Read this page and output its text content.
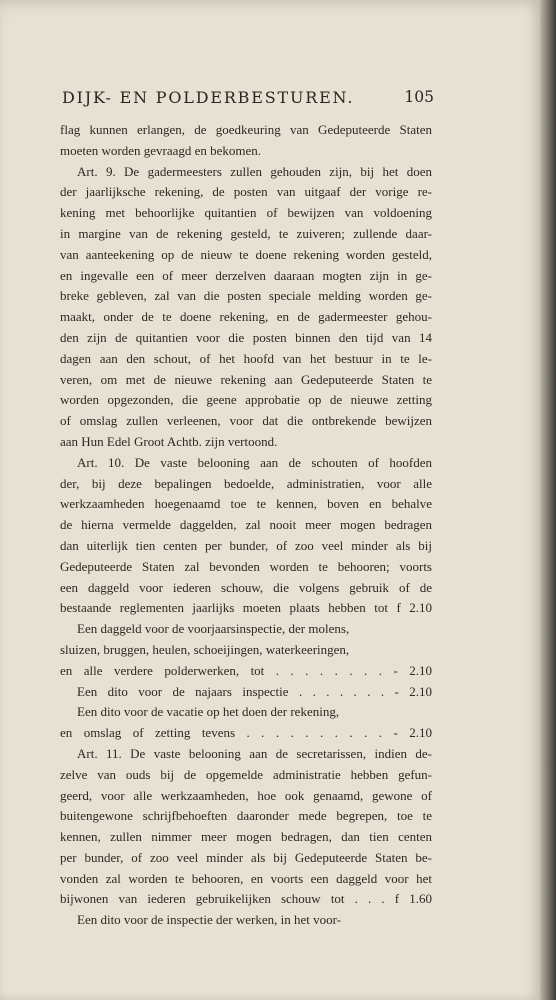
DIJK- EN POLDERBESTUREN.	105
flag kunnen erlangen, de goedkeuring van Gedeputeerde Staten
moeten worden gevraagd en bekomen.
Art. 9. De gadermeesters zullen gehouden zijn, bij het doen
der jaarlijksche rekening, de posten van uitgaaf der vorige re-
kening met behoorlijke quitantien of bewijzen van voldoening
in margine van de rekening gesteld, te zuiveren; zullende daar-
van aanteekening op de nieuw te doene rekening worden gesteld,
en ingevalle een of meer derzelven daaraan mogten zijn in ge-
breke gebleven, zal van die posten speciale melding worden ge-
maakt, onder de te doene rekening, en de gadermeester gehou-
den zijn de quitantien voor die posten binnen den tijd van 14
dagen aan den schout, of het hoofd van het bestuur in te le-
veren, om met de nieuwe rekening aan Gedeputeerde Staten te
worden opgezonden, die geene approbatie op de nieuwe zetting
of omslag zullen verleenen, voor dat die ontbrekende bewijzen
aan Hun Edel Groot Achtb. zijn vertoond.
Art. 10. De vaste belooning aan de schouten of hoofden
der, bij deze bepalingen bedoelde, administratien, voor alle
werkzaamheden hoegenaamd toe te kennen, boven en behalve
de hierna vermelde daggelden, zal nooit meer mogen bedragen
dan uiterlijk tien centen per bunder, of zoo veel minder als bij
Gedeputeerde Staten zal bevonden worden te behooren; voorts
een daggeld voor iederen schouw, die volgens gebruik of de
bestaande reglementen jaarlijks moeten plaats hebben tot f 2.10
Een daggeld voor de voorjaarsinspectie, der molens,
sluizen, bruggen, heulen, schoeijingen, waterkeeringen,
en alle verdere polderwerken, tot . . . . . . . . - 2.10
Een dito voor de najaars inspectie . . . . . . . - 2.10
Een dito voor de vacatie op het doen der rekening,
en omslag of zetting tevens . . . . . . . . . . - 2.10
Art. 11. De vaste belooning aan de secretarissen, indien de-
zelve van ouds bij de opgemelde administratie hebben gefun-
geerd, voor alle werkzaamheden, hoe ook genaamd, gewone of
buitengewone schrijfbehoeften daaronder mede begrepen, toe te
kennen, zullen nimmer meer mogen bedragen, dan tien centen
per bunder, of zoo veel minder als bij Gedeputeerde Staten be-
vonden zal worden te behooren, en voorts een daggeld voor het
bijwonen van iederen gebruikelijken schouw tot . . . f 1.60
Een dito voor de inspectie der werken, in het voor-
